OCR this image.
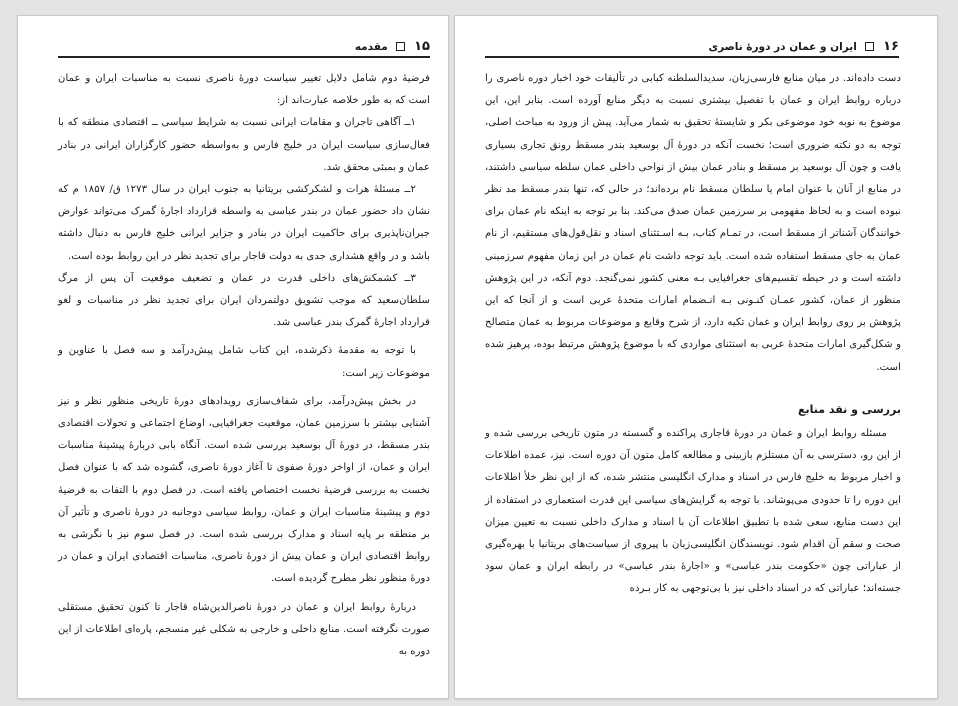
۱۵  مقدمه

فرضیهٔ دوم شامل دلایل تغییر سیاست دورهٔ ناصری نسبت به مناسبات ایران و عمان است که به طور خلاصه عبارت‌اند از:

۱ــ آگاهی تاجران و مقامات ایرانی نسبت به شرایط سیاسی ــ اقتصادی منطقه که با فعال‌سازی سیاست ایران در خلیج فارس و به‌واسطه حضور کارگزاران ایرانی در بنادر عمان و بمبئی محقق شد.

۲ــ مسئلهٔ هرات و لشکرکشی بریتانیا به جنوب ایران در سال ۱۲۷۳ ق/ ۱۸۵۷ م که نشان داد حضور عمان در بندر عباسی به واسطه قرارداد اجارهٔ گمرک می‌تواند عوارض جبران‌ناپذیری برای حاکمیت ایران در بنادر و جزایر ایرانی خلیج فارس به دنبال داشته باشد و در واقع هشداری جدی به دولت قاجار برای تجدید نظر در این روابط بوده است.

۳ــ کشمکش‌های داخلی قدرت در عمان و تضعیف موقعیت آن پس از مرگ سلطان‌سعید که موجب تشویق دولتمردان ایران برای تجدید نظر در مناسبات و لغو قرارداد اجارهٔ گمرک بندر عباسی شد.

با توجه به مقدمهٔ ذکرشده، این کتاب شامل پیش‌درآمد و سه فصل با عناوین و موضوعات زیر است:

در بخش پیش‌درآمد، برای شفاف‌سازی رویدادهای دورهٔ تاریخی منظور نظر و نیز آشنایی بیشتر با سرزمین عمان، موقعیت جغرافیایی، اوضاع اجتماعی و تحولات اقتصادی بندر مسقط، در دورهٔ آل بوسعید بررسی شده است. آنگاه بابی دربارهٔ پیشینهٔ مناسبات ایران و عمان، از اواخر دورهٔ صفوی تا آغاز دورهٔ ناصری، گشوده شد که با عنوان فصل نخست به بررسی فرضیهٔ نخست اختصاص یافته است. در فصل دوم با التفات به فرضیهٔ دوم و پیشینهٔ مناسبات ایران و عمان، روابط سیاسی دوجانبه در دورهٔ ناصری و تأثیر آن بر منطقه بر پایه اسناد و مدارک بررسی شده است. در فصل سوم نیز با نگرشی به روابط اقتصادی ایران و عمان پیش از دورهٔ ناصری، مناسبات اقتصادی ایران و عمان در دورهٔ منظور نظر مطرح گردیده است.

دربارهٔ روابط ایران و عمان در دورهٔ ناصرالدین‌شاه قاجار تا کنون تحقیق مستقلی صورت نگرفته است. منابع داخلی و خارجی به شکلی غیر منسجم، پاره‌ای اطلاعات از این دوره به

۱۶  ایران و عمان در دورهٔ ناصری

دست داده‌اند. در میان منابع فارسی‌زبان، سدیدالسلطنه کبابی در تألیفات خود اخبار دوره ناصری را درباره روابط ایران و عمان با تفصیل بیشتری نسبت به دیگر منابع آورده است. بنابر این، این موضوع به نوبه خود موضوعی بکر و شایستهٔ تحقیق به شمار می‌آید. پیش از ورود به مباحث اصلی، توجه به دو نکته ضروری است؛ نخست آنکه در دورهٔ آل بوسعید بندر مسقط رونق تجاری بسیاری یافت و چون آل بوسعید بر مسقط و بنادر عمان بیش از نواحی داخلی عمان سلطه سیاسی داشتند، در منابع از آنان با عنوان امام یا سلطان مسقط نام برده‌اند؛ در حالی که، تنها بندر مسقط مد نظر نبوده است و به لحاظ مفهومی بر سرزمین عمان صدق می‌کند. بنا بر توجه به اینکه نام عمان برای خوانندگان آشناتر از مسقط است، در تمـام کتاب، بـه اسـتثنای اسناد و نقل‌قول‌های مستقیم، از نام عمان به جای مسقط استفاده شده است. باید توجه داشت نام عمان در این زمان مفهوم سرزمینی داشته است و در حیطه تقسیم‌های جغرافیایی بـه معنی کشور نمی‌گنجد. دوم آنکه، در این پژوهش منظور از عمان، کشور عمـان کنـونی بـه انـضمام امارات متحدهٔ عربی است و از آنجا که این پژوهش بر روی روابط ایران و عمان تکیه دارد، از شرح وقایع و موضوعات مربوط به عمان متصالح و شکل‌گیری امارات متحدهٔ عربی به استثنای مواردی که با موضوع پژوهش مرتبط بوده، پرهیز شده است.

بررسی و نقد منابع

مسئله روابط ایران و عمان در دورهٔ قاجاری پراکنده و گسسته در متون تاریخی بررسی شده و از این رو، دسترسی به آن مستلزم بازبینی و مطالعه کامل متون آن دوره است. نیز، عمده اطلاعات و اخبار مربوط به خلیج فارس در اسناد و مدارک انگلیسی منتشر شده، که از این نظر خلأ اطلاعات این دوره را تا حدودی می‌پوشاند. با توجه به گرایش‌های سیاسی این قدرت استعماری در استفاده از این دست منابع، سعی شده با تطبیق اطلاعات آن با اسناد و مدارک داخلی نسبت به تعیین میزان صحت و سقم آن اقدام شود. نویسندگان انگلیسی‌زبان با پیروی از سیاست‌های بریتانیا با بهره‌گیری از عباراتی چون «حکومت بندر عباسی» و «اجارهٔ بندر عباسی» در رابطه ایران و عمان سود جسته‌اند؛ عباراتی که در اسناد داخلی نیز با بی‌توجهی به کار بـرده
